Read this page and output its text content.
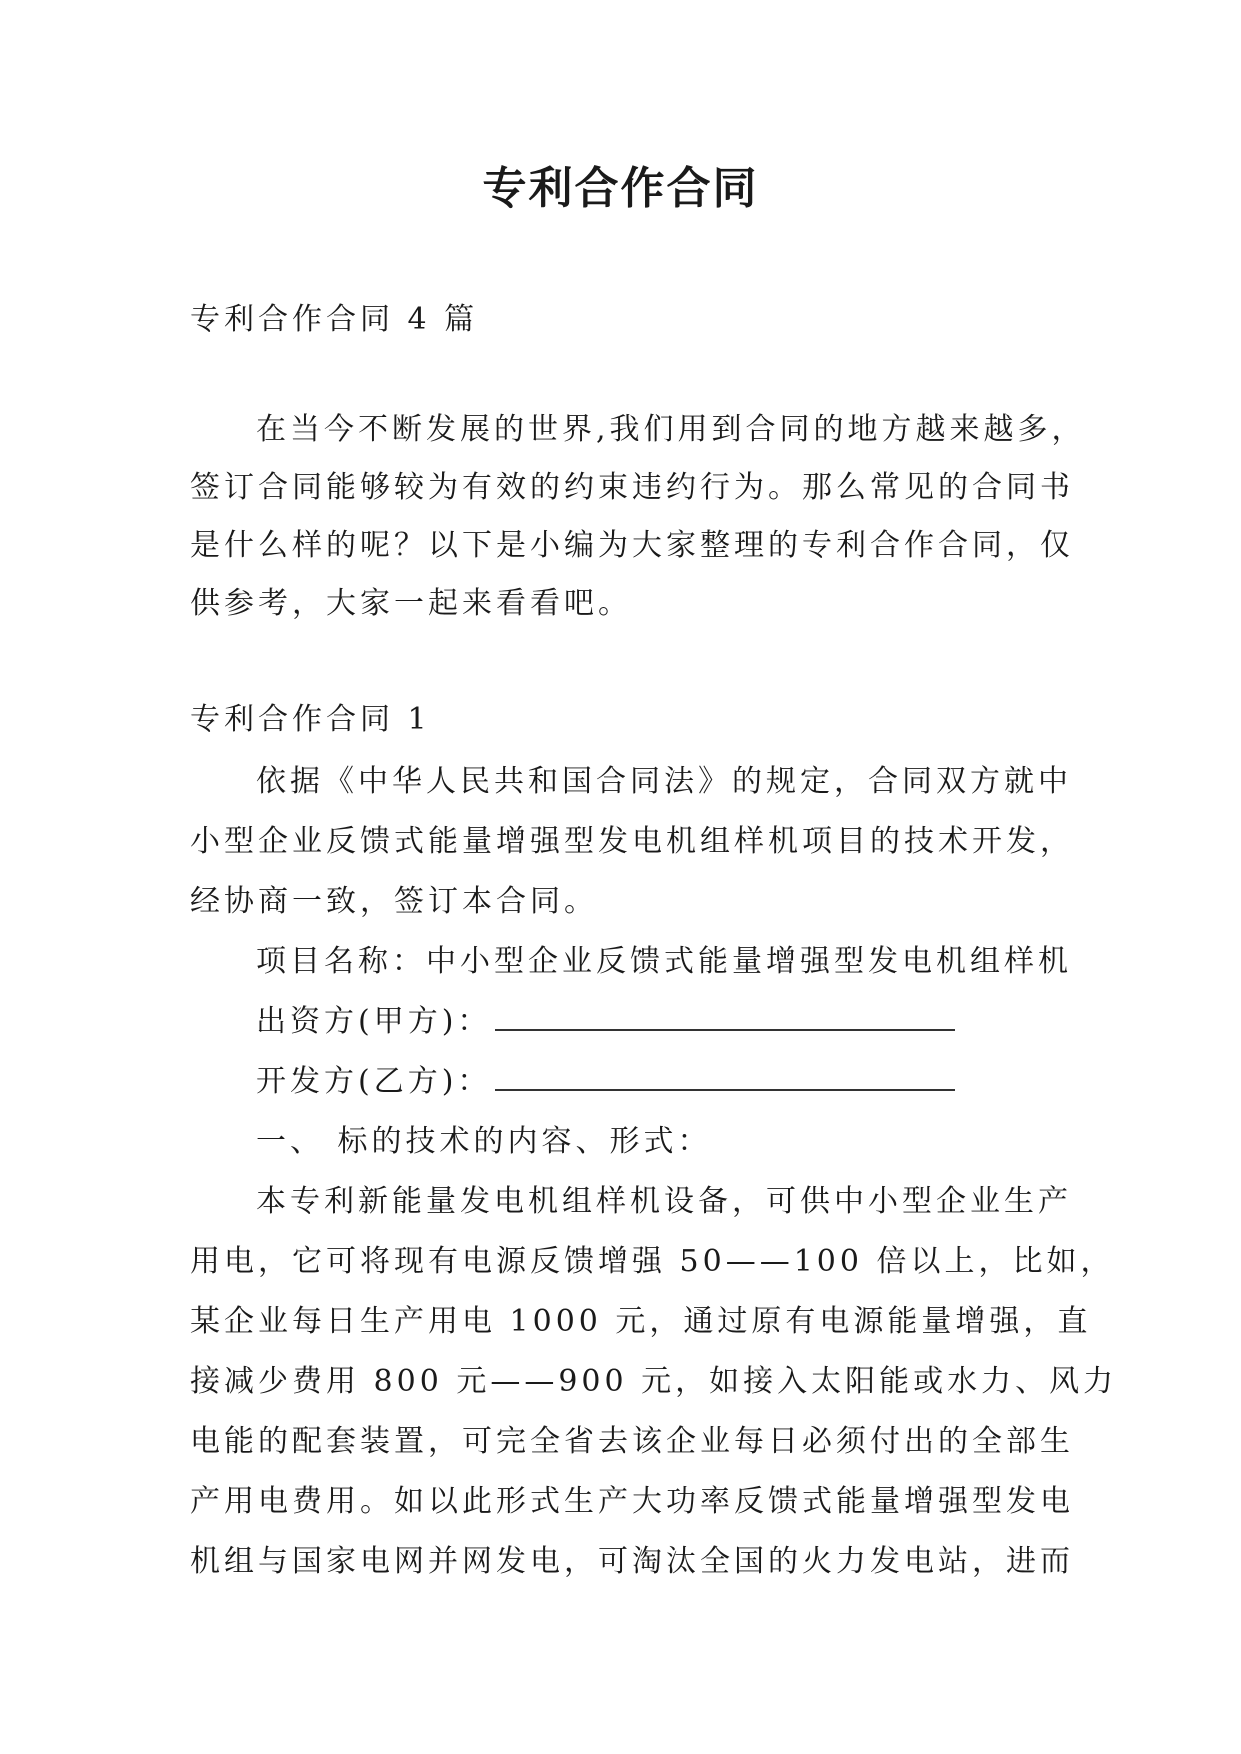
专利合作合同
专利合作合同 4 篇
在当今不断发展的世界,我们用到合同的地方越来越多，
签订合同能够较为有效的约束违约行为。那么常见的合同书
是什么样的呢？以下是小编为大家整理的专利合作合同，仅
供参考，大家一起来看看吧。
专利合作合同 1
依据《中华人民共和国合同法》的规定，合同双方就中
小型企业反馈式能量增强型发电机组样机项目的技术开发，
经协商一致，签订本合同。
项目名称：中小型企业反馈式能量增强型发电机组样机
出资方(甲方)：
开发方(乙方)：
一、 标的技术的内容、形式：
本专利新能量发电机组样机设备，可供中小型企业生产
用电，它可将现有电源反馈增强 50——100 倍以上，比如，
某企业每日生产用电 1000 元，通过原有电源能量增强，直
接减少费用 800 元——900 元，如接入太阳能或水力、风力
电能的配套装置，可完全省去该企业每日必须付出的全部生
产用电费用。如以此形式生产大功率反馈式能量增强型发电
机组与国家电网并网发电，可淘汰全国的火力发电站，进而
